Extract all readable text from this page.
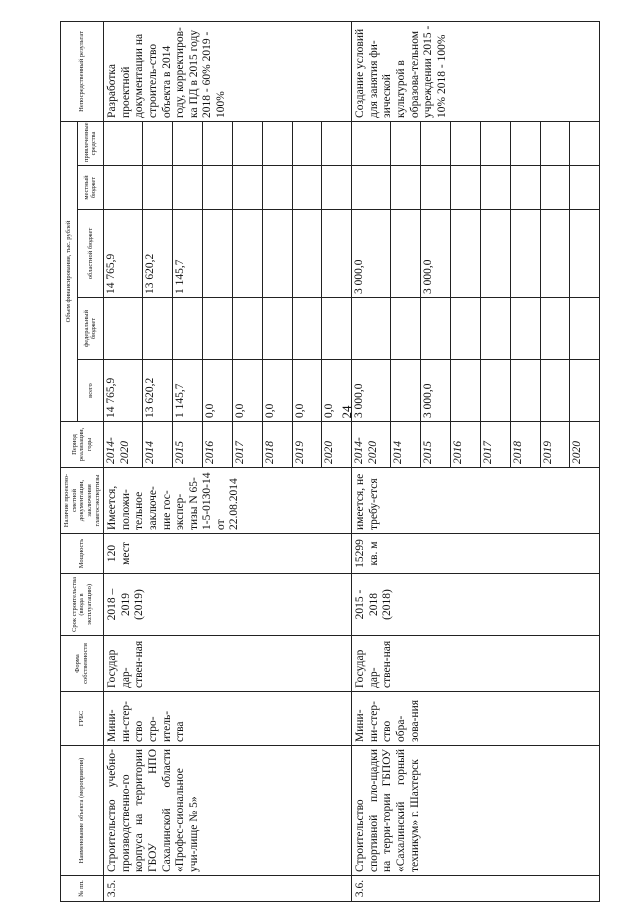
24
№ пп.	Наименование объекта (мероприятия)	ГРБС	Форма собственности	Срок строительства (ввода в эксплуатацию)	Мощность	Наличие проектно-сметной документации, заключения главгосэкспертизы	Период реализации, годы	Объем финансирования, тыс. рублей					Непосредственный результат
								всего	федеральный бюджет	областной бюджет	местный бюджет	привлеченные средства	
3.5.	Строительство учебно-производственно-го корпуса на территории ГБОУ НПО Сахалинской области «Профес-сиональное учи-лище № 5»	Мини-ни-стер-ство стро-итель-ства	Государ дар-ствен-ная	2018 – 2019 (2019)	120 мест	Имеется, положи-тельное заключе-ние гос-экспер-тизы N 65-1-5-0130-14 от 22.08.2014	2014-2020	14 765,9		14 765,9			Разработка проектной документации на строитель-ство объекта в 2014 году, корректиров-ка ПД в 2015 году 2018 - 60% 2019 - 100%
							2014	13 620,2		13 620,2			
							2015	1 145,7		1 145,7			
							2016	0,0					
							2017	0,0					
							2018	0,0					
							2019	0,0					
							2020	0,0					
3.6.	Строительство спортивной пло-щадки на терри-тории ГБПОУ «Сахалинский горный техникум» г. Шахтерск	Мини-ни-стер-ство обра-зова-ния	Государ дар-ствен-ная	2015 - 2018 (2018)	15299 кв. м	имеется, не требу-ется	2014-2020	3 000,0		3 000,0			Создание условий для занятия фи-зической культурой в образова-тельном учреждении 2015 - 10% 2018 - 100%
							2014						
							2015	3 000,0		3 000,0			
							2016						
							2017						
							2018						
							2019						
							2020						
